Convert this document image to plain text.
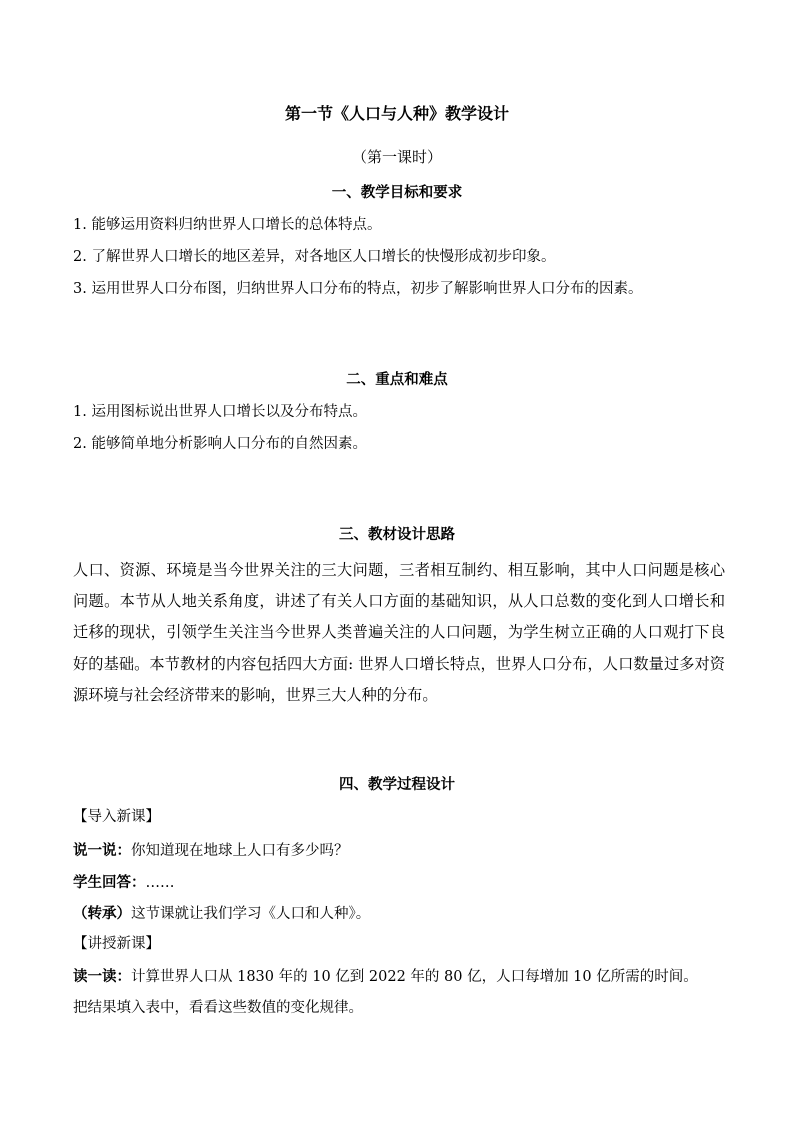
第一节《人口与人种》教学设计
（第一课时）
一、教学目标和要求
1. 能够运用资料归纳世界人口增长的总体特点。
2. 了解世界人口增长的地区差异，对各地区人口增长的快慢形成初步印象。
3. 运用世界人口分布图，归纳世界人口分布的特点，初步了解影响世界人口分布的因素。
二、重点和难点
1. 运用图标说出世界人口增长以及分布特点。
2. 能够简单地分析影响人口分布的自然因素。
三、教材设计思路
人口、资源、环境是当今世界关注的三大问题，三者相互制约、相互影响，其中人口问题是核心问题。本节从人地关系角度，讲述了有关人口方面的基础知识，从人口总数的变化到人口增长和迁移的现状，引领学生关注当今世界人类普遍关注的人口问题，为学生树立正确的人口观打下良好的基础。本节教材的内容包括四大方面: 世界人口增长特点，世界人口分布，人口数量过多对资源环境与社会经济带来的影响，世界三大人种的分布。
四、教学过程设计
【导入新课】
说一说：你知道现在地球上人口有多少吗？
学生回答：……
（转承）这节课就让我们学习《人口和人种》。
【讲授新课】
读一读：计算世界人口从 1830 年的 10 亿到 2022 年的 80 亿，人口每增加 10 亿所需的时间。
把结果填入表中，看看这些数值的变化规律。
